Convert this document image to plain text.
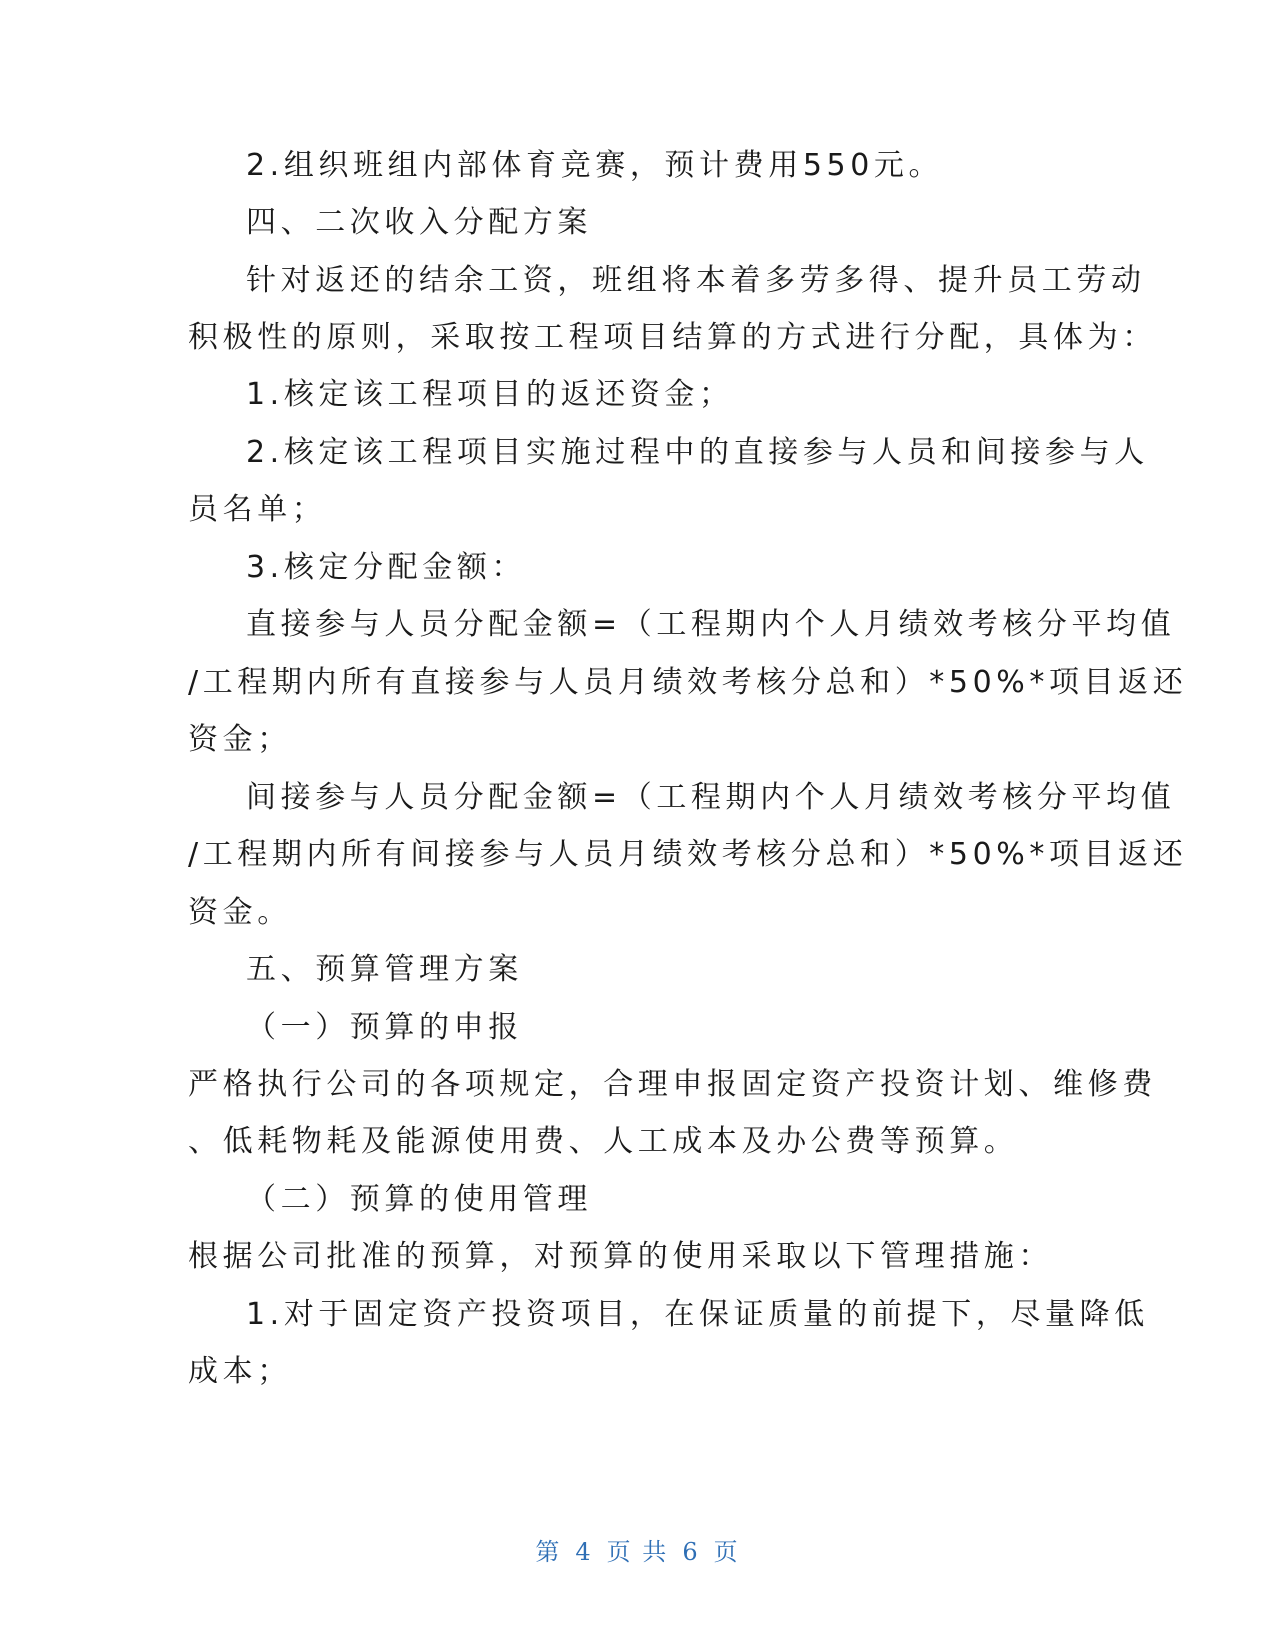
2.组织班组内部体育竞赛，预计费用550元。
四、二次收入分配方案
针对返还的结余工资，班组将本着多劳多得、提升员工劳动
积极性的原则，采取按工程项目结算的方式进行分配，具体为：
1.核定该工程项目的返还资金；
2.核定该工程项目实施过程中的直接参与人员和间接参与人
员名单；
3.核定分配金额：
直接参与人员分配金额=（工程期内个人月绩效考核分平均值
/工程期内所有直接参与人员月绩效考核分总和）*50%*项目返还
资金；
间接参与人员分配金额=（工程期内个人月绩效考核分平均值
/工程期内所有间接参与人员月绩效考核分总和）*50%*项目返还
资金。
五、预算管理方案
（一）预算的申报
严格执行公司的各项规定，合理申报固定资产投资计划、维修费
、低耗物耗及能源使用费、人工成本及办公费等预算。
（二）预算的使用管理
根据公司批准的预算，对预算的使用采取以下管理措施：
1.对于固定资产投资项目，在保证质量的前提下，尽量降低
成本；
第 4 页 共 6 页
